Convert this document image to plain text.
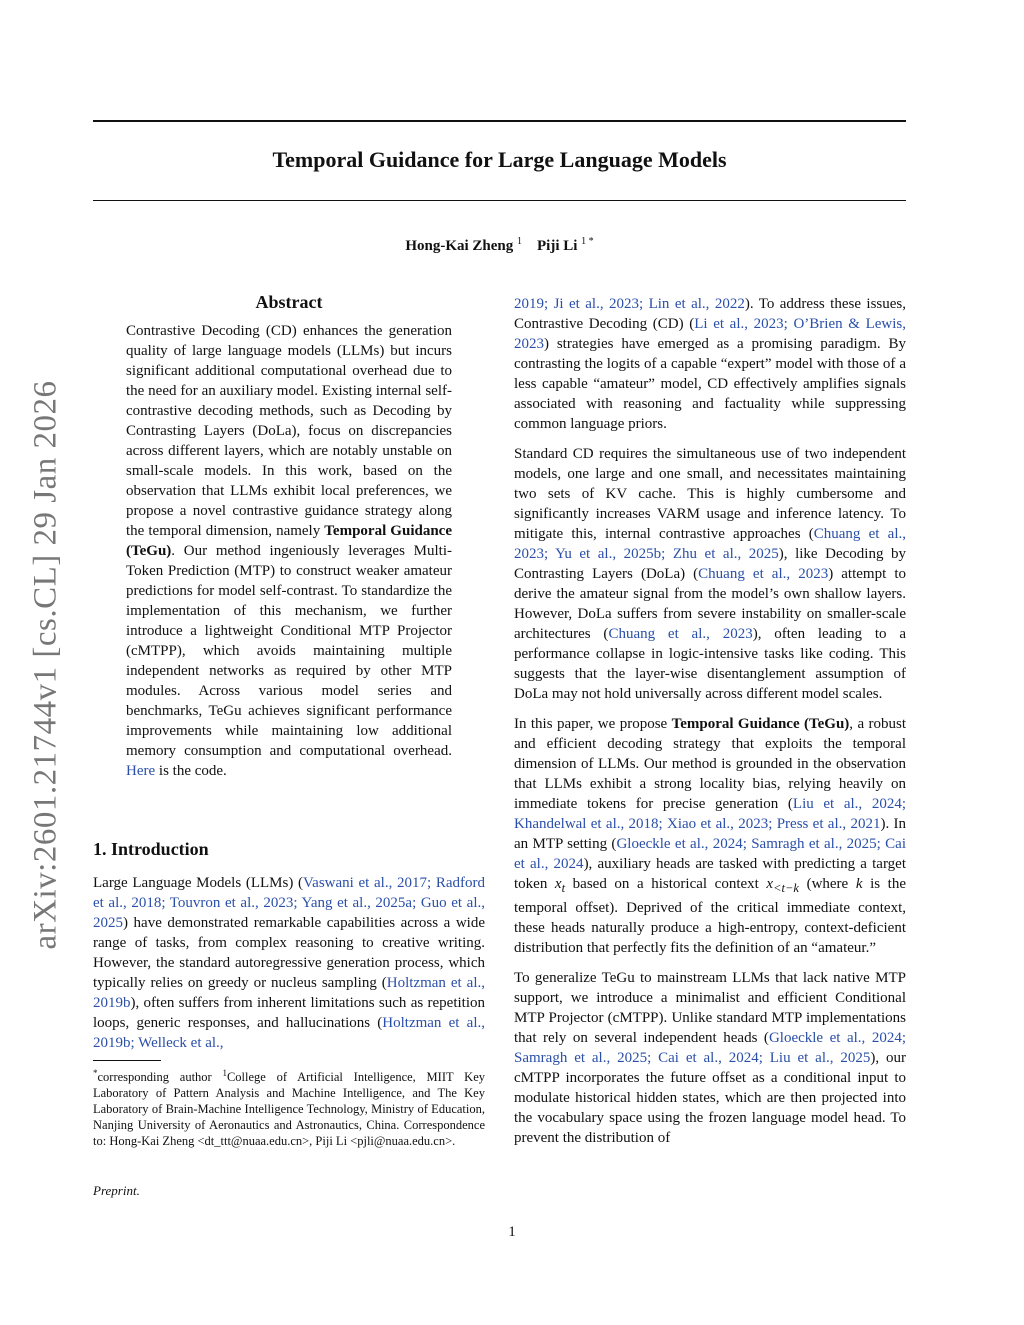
arXiv:2601.21744v1 [cs.CL] 29 Jan 2026
Temporal Guidance for Large Language Models
Hong-Kai Zheng $^1$ Piji Li $^{1 *}$
Abstract

Contrastive Decoding (CD) enhances the generation quality of large language models (LLMs) but incurs significant additional computational overhead due to the need for an auxiliary model. Existing internal self-contrastive decoding methods, such as Decoding by Contrasting Layers (DoLa), focus on discrepancies across different layers, which are notably unstable on small-scale models. In this work, based on the observation that LLMs exhibit local preferences, we propose a novel contrastive guidance strategy along the temporal dimension, namely Temporal Guidance (TeGu). Our method ingeniously leverages Multi-Token Prediction (MTP) to construct weaker amateur predictions for model self-contrast. To standardize the implementation of this mechanism, we further introduce a lightweight Conditional MTP Projector (cMTPP), which avoids maintaining multiple independent networks as required by other MTP modules. Across various model series and benchmarks, TeGu achieves significant performance improvements while maintaining low additional memory consumption and computational overhead. Here is the code.

1. Introduction

Large Language Models (LLMs) (Vaswani et al., 2017; Radford et al., 2018; Touvron et al., 2023; Yang et al., 2025a; Guo et al., 2025) have demonstrated remarkable capabilities across a wide range of tasks, from complex reasoning to creative writing. However, the standard autoregressive generation process, which typically relies on greedy or nucleus sampling (Holtzman et al., 2019b), often suffers from inherent limitations such as repetition loops, generic responses, and hallucinations (Holtzman et al., 2019b; Welleck et al.,

*corresponding author $^1$College of Artificial Intelligence, MIIT Key Laboratory of Pattern Analysis and Machine Intelligence, and The Key Laboratory of Brain-Machine Intelligence Technology, Ministry of Education, Nanjing University of Aeronautics and Astronautics, China. Correspondence to: Hong-Kai Zheng <dt_ttt@nuaa.edu.cn>, Piji Li <pjli@nuaa.edu.cn>.

Preprint.

2019; Ji et al., 2023; Lin et al., 2022). To address these issues, Contrastive Decoding (CD) (Li et al., 2023; O’Brien & Lewis, 2023) strategies have emerged as a promising paradigm. By contrasting the logits of a capable “expert” model with those of a less capable “amateur” model, CD effectively amplifies signals associated with reasoning and factuality while suppressing common language priors.

Standard CD requires the simultaneous use of two independent models, one large and one small, and necessitates maintaining two sets of KV cache. This is highly cumbersome and significantly increases VARM usage and inference latency. To mitigate this, internal contrastive approaches (Chuang et al., 2023; Yu et al., 2025b; Zhu et al., 2025), like Decoding by Contrasting Layers (DoLa) (Chuang et al., 2023) attempt to derive the amateur signal from the model’s own shallow layers. However, DoLa suffers from severe instability on smaller-scale architectures (Chuang et al., 2023), often leading to a performance collapse in logic-intensive tasks like coding. This suggests that the layer-wise disentanglement assumption of DoLa may not hold universally across different model scales.

In this paper, we propose Temporal Guidance (TeGu), a robust and efficient decoding strategy that exploits the temporal dimension of LLMs. Our method is grounded in the observation that LLMs exhibit a strong locality bias, relying heavily on immediate tokens for precise generation (Liu et al., 2024; Khandelwal et al., 2018; Xiao et al., 2023; Press et al., 2021). In an MTP setting (Gloeckle et al., 2024; Samragh et al., 2025; Cai et al., 2024), auxiliary heads are tasked with predicting a target token $x_t$ based on a historical context $x_{<t-k}$ (where k is the temporal offset). Deprived of the critical immediate context, these heads naturally produce a high-entropy, context-deficient distribution that perfectly fits the definition of an “amateur.”

To generalize TeGu to mainstream LLMs that lack native MTP support, we introduce a minimalist and efficient Conditional MTP Projector (cMTPP). Unlike standard MTP implementations that rely on several independent heads (Gloeckle et al., 2024; Samragh et al., 2025; Cai et al., 2024; Liu et al., 2025), our cMTPP incorporates the future offset as a conditional input to modulate historical hidden states, which are then projected into the vocabulary space using the frozen language model head. To prevent the distribution of

1
